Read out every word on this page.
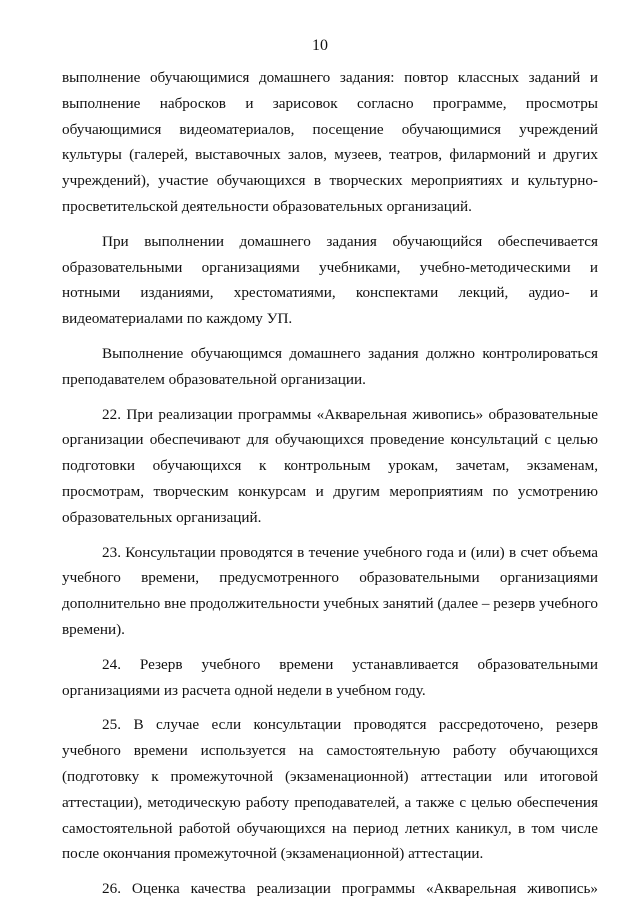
10

выполнение обучающимися домашнего задания: повтор классных заданий и выполнение набросков и зарисовок согласно программе, просмотры обучающимися видеоматериалов, посещение обучающимися учреждений культуры (галерей, выставочных залов, музеев, театров, филармоний и других учреждений), участие обучающихся в творческих мероприятиях и культурно-просветительской деятельности образовательных организаций.

При выполнении домашнего задания обучающийся обеспечивается образовательными организациями учебниками, учебно-методическими и нотными изданиями, хрестоматиями, конспектами лекций, аудио- и видеоматериалами по каждому УП.

Выполнение обучающимся домашнего задания должно контролироваться преподавателем образовательной организации.

22. При реализации программы «Акварельная живопись» образовательные организации обеспечивают для обучающихся проведение консультаций с целью подготовки обучающихся к контрольным урокам, зачетам, экзаменам, просмотрам, творческим конкурсам и другим мероприятиям по усмотрению образовательных организаций.

23. Консультации проводятся в течение учебного года и (или) в счет объема учебного времени, предусмотренного образовательными организациями дополнительно вне продолжительности учебных занятий (далее – резерв учебного времени).

24. Резерв учебного времени устанавливается образовательными организациями из расчета одной недели в учебном году.

25. В случае если консультации проводятся рассредоточено, резерв учебного времени используется на самостоятельную работу обучающихся (подготовку к промежуточной (экзаменационной) аттестации или итоговой аттестации), методическую работу преподавателей, а также с целью обеспечения самостоятельной работой обучающихся на период летних каникул, в том числе после окончания промежуточной (экзаменационной) аттестации.

26. Оценка качества реализации программы «Акварельная живопись»
